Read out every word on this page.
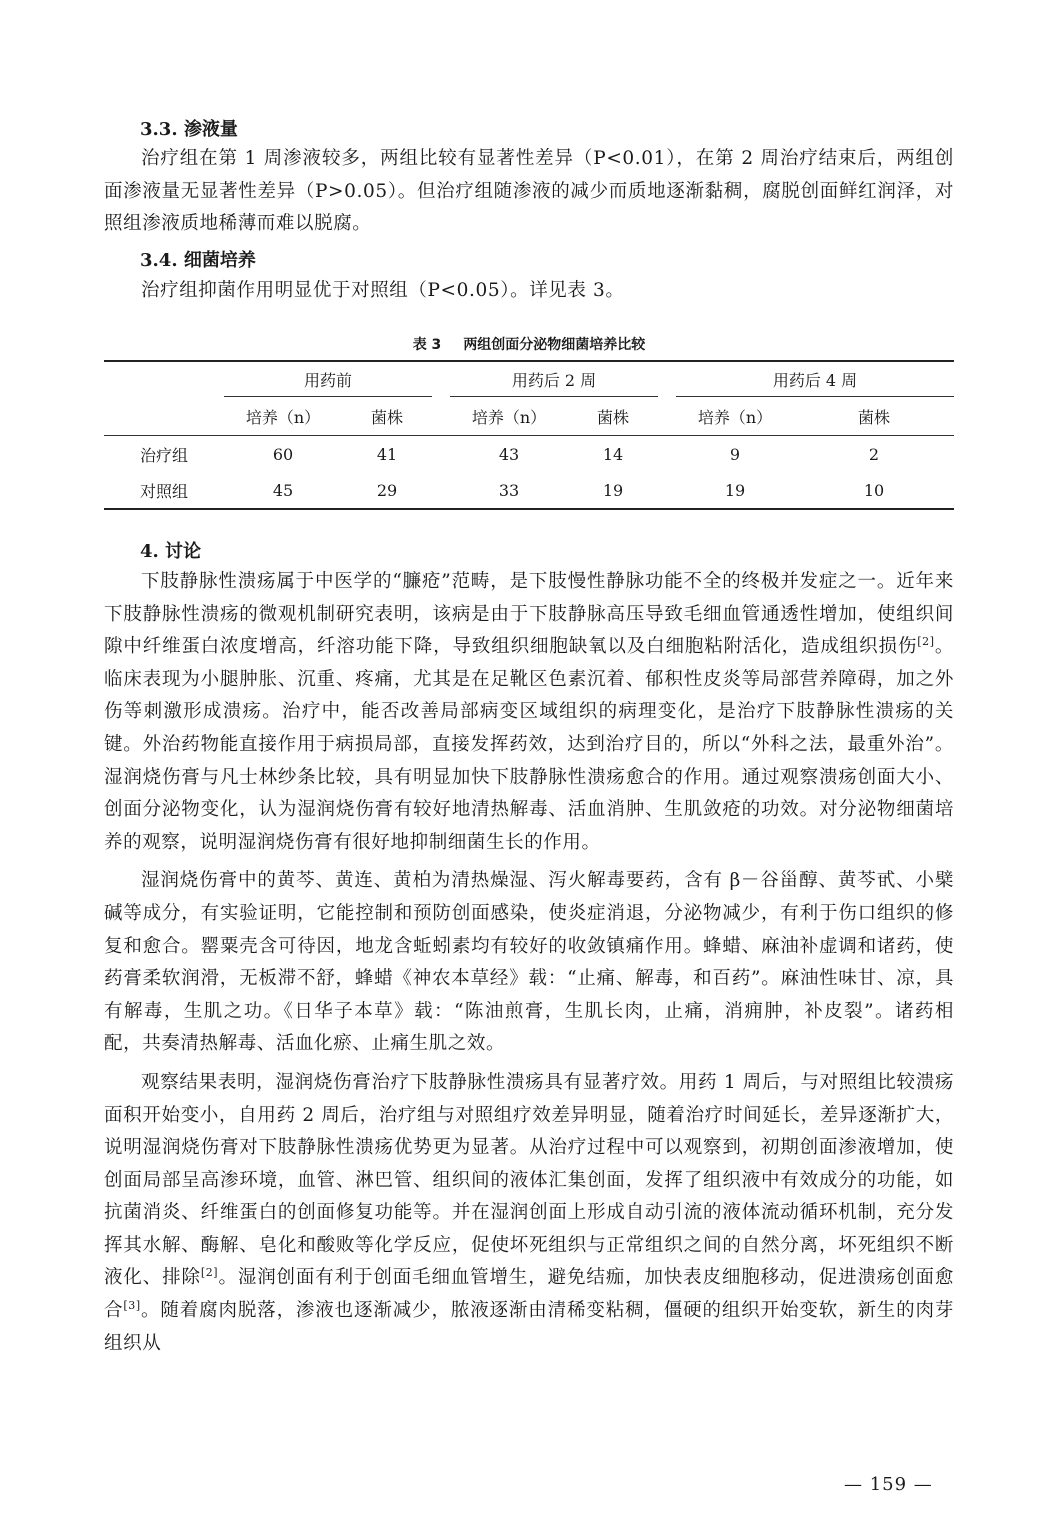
3.3. 渗液量

治疗组在第 1 周渗液较多，两组比较有显著性差异（P<0.01），在第 2 周治疗结束后，两组创面渗液量无显著性差异（P>0.05）。但治疗组随渗液的减少而质地逐渐黏稠，腐脱创面鲜红润泽，对照组渗液质地稀薄而难以脱腐。

3.4. 细菌培养

治疗组抑菌作用明显优于对照组（P<0.05）。详见表 3。

表 3 两组创面分泌物细菌培养比较

	用药前			用药后 2 周			用药后 4 周	
	培养（n）	菌株		培养（n）	菌株		培养（n）	菌株
治疗组	60	41		43	14		9	2
对照组	45	29		33	19		19	10
4. 讨论

下肢静脉性溃疡属于中医学的“臁疮”范畴，是下肢慢性静脉功能不全的终极并发症之一。近年来下肢静脉性溃疡的微观机制研究表明，该病是由于下肢静脉高压导致毛细血管通透性增加，使组织间隙中纤维蛋白浓度增高，纤溶功能下降，导致组织细胞缺氧以及白细胞粘附活化，造成组织损伤[2]。临床表现为小腿肿胀、沉重、疼痛，尤其是在足靴区色素沉着、郁积性皮炎等局部营养障碍，加之外伤等刺激形成溃疡。治疗中，能否改善局部病变区域组织的病理变化，是治疗下肢静脉性溃疡的关键。外治药物能直接作用于病损局部，直接发挥药效，达到治疗目的，所以“外科之法，最重外治”。湿润烧伤膏与凡士林纱条比较，具有明显加快下肢静脉性溃疡愈合的作用。通过观察溃疡创面大小、创面分泌物变化，认为湿润烧伤膏有较好地清热解毒、活血消肿、生肌敛疮的功效。对分泌物细菌培养的观察，说明湿润烧伤膏有很好地抑制细菌生长的作用。

湿润烧伤膏中的黄芩、黄连、黄柏为清热燥湿、泻火解毒要药，含有 β－谷甾醇、黄芩甙、小檗碱等成分，有实验证明，它能控制和预防创面感染，使炎症消退，分泌物减少，有利于伤口组织的修复和愈合。罂粟壳含可待因，地龙含蚯蚓素均有较好的收敛镇痛作用。蜂蜡、麻油补虚调和诸药，使药膏柔软润滑，无板滞不舒，蜂蜡《神农本草经》载：“止痛、解毒，和百药”。麻油性味甘、凉，具有解毒，生肌之功。《日华子本草》载：“陈油煎膏，生肌长肉，止痛，消痈肿，补皮裂”。诸药相配，共奏清热解毒、活血化瘀、止痛生肌之效。

观察结果表明，湿润烧伤膏治疗下肢静脉性溃疡具有显著疗效。用药 1 周后，与对照组比较溃疡面积开始变小，自用药 2 周后，治疗组与对照组疗效差异明显，随着治疗时间延长，差异逐渐扩大，说明湿润烧伤膏对下肢静脉性溃疡优势更为显著。从治疗过程中可以观察到，初期创面渗液增加，使创面局部呈高渗环境，血管、淋巴管、组织间的液体汇集创面，发挥了组织液中有效成分的功能，如抗菌消炎、纤维蛋白的创面修复功能等。并在湿润创面上形成自动引流的液体流动循环机制，充分发挥其水解、酶解、皂化和酸败等化学反应，促使坏死组织与正常组织之间的自然分离，坏死组织不断液化、排除[2]。湿润创面有利于创面毛细血管增生，避免结痂，加快表皮细胞移动，促进溃疡创面愈合[3]。随着腐肉脱落，渗液也逐渐减少，脓液逐渐由清稀变粘稠，僵硬的组织开始变软，新生的肉芽组织从

— 159 —
